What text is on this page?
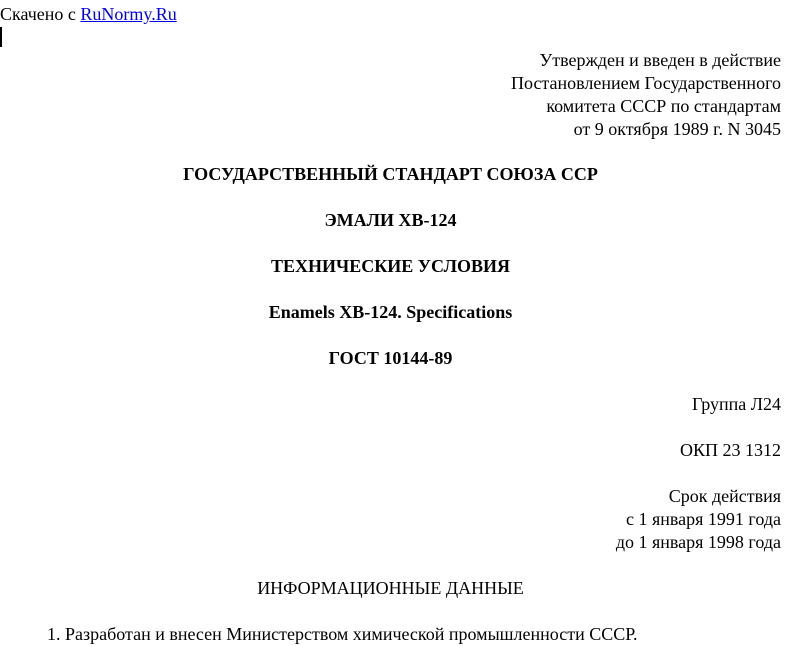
Скачено с RuNormy.Ru
Утвержден и введен в действие
Постановлением Государственного
комитета СССР по стандартам
от 9 октября 1989 г. N 3045
ГОСУДАРСТВЕННЫЙ СТАНДАРТ СОЮЗА ССР
ЭМАЛИ ХВ-124
ТЕХНИЧЕСКИЕ УСЛОВИЯ
Enamels XB-124. Specifications
ГОСТ 10144-89
Группа Л24
ОКП 23 1312
Срок действия
с 1 января 1991 года
до 1 января 1998 года
ИНФОРМАЦИОННЫЕ ДАННЫЕ
1. Разработан и внесен Министерством химической промышленности СССР.
